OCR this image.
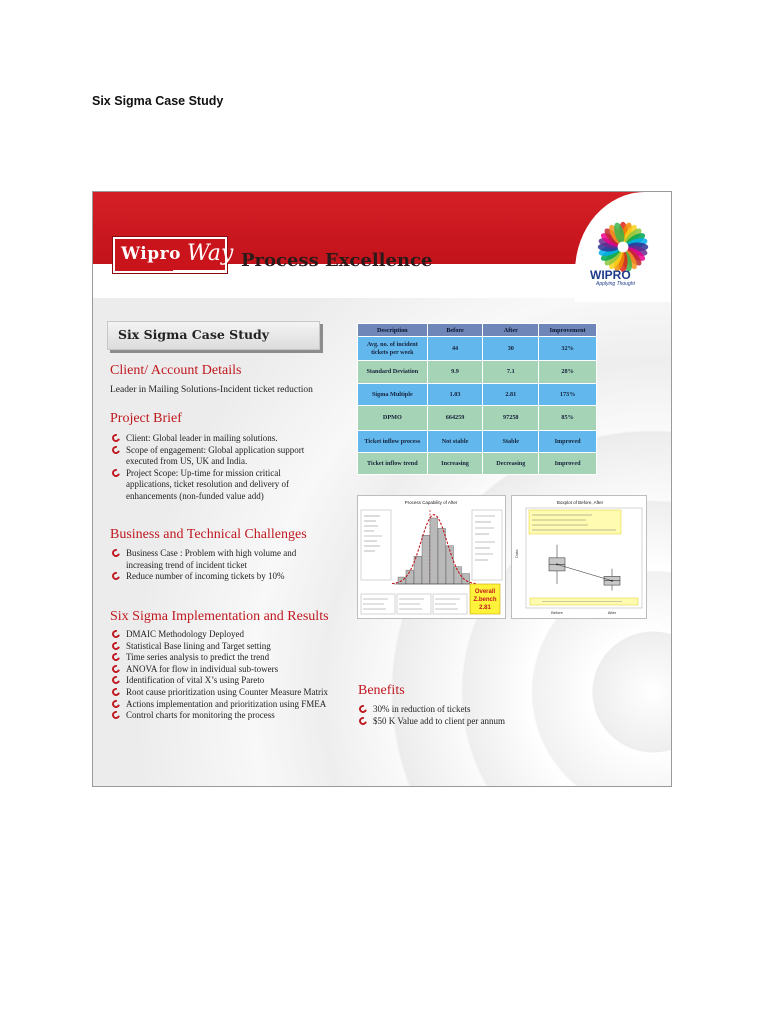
Six Sigma Case Study
Wipro Way Process Excellence
WIPRO
Applying Thought
Six Sigma Case Study
Client/ Account Details
Leader in Mailing Solutions-Incident ticket reduction
Project Brief
Client: Global leader in mailing solutions.
Scope of engagement: Global application support executed from US, UK and India.
Project Scope: Up-time for mission critical applications, ticket resolution and delivery of enhancements (non-funded value add)
Business and Technical Challenges
Business Case : Problem with high volume and increasing trend of incident ticket
Reduce number of incoming tickets by 10%
Six Sigma Implementation and Results
DMAIC Methodology Deployed
Statistical Base lining and Target setting
Time series analysis to predict the trend
ANOVA for flow in individual sub-towers
Identification of vital X’s using Pareto
Root cause prioritization using Counter Measure Matrix
Actions implementation and prioritization using FMEA
Control charts for monitoring the process
Description	Before	After	Improvement
Avg. no. of incident tickets per week	44	30	32%
Standard Deviation	9.9	7.1	28%
Sigma Multiple	1.03	2.81	173%
DPMO	664259	97258	85%
Ticket inflow process	Not stable	Stable	Improved
Ticket inflow trend	Increasing	Decreasing	Improved
Process Capability of After
Overall
Z.bench
2.81
Boxplot of Before, After
Data
Before	After
Benefits
30% in reduction of tickets
$50 K Value add to client per annum
